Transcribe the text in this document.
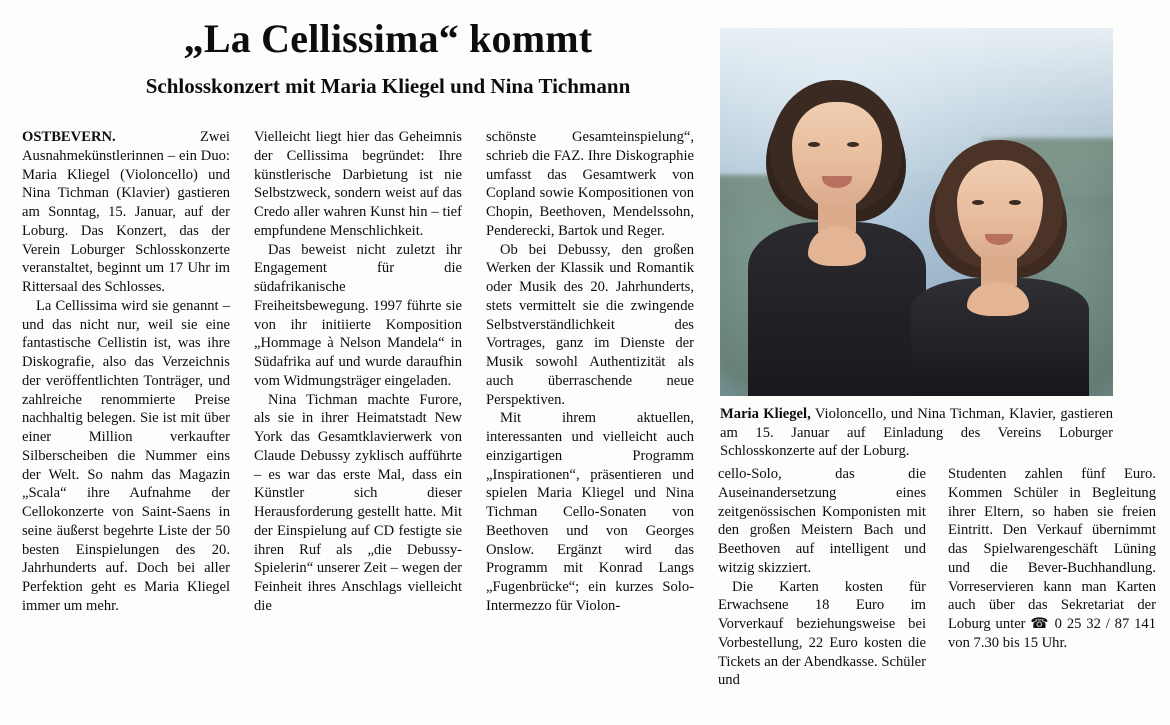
„La Cellissima“ kommt
Schlosskonzert mit Maria Kliegel und Nina Tichmann
Maria Kliegel, Violoncello, und Nina Tichman, Klavier, gastieren am 15. Januar auf Einladung des Vereins Loburger Schlosskonzerte auf der Loburg.

OSTBEVERN.	Zwei Ausnahmekünstlerinnen – ein Duo: Maria Kliegel (Violoncello) und Nina Tichman (Klavier) gastieren am Sonntag, 15. Januar, auf der Loburg. Das Konzert, das der Verein Loburger Schlosskonzerte veranstaltet, beginnt um 17 Uhr im Rittersaal des Schlosses.

La Cellissima wird sie genannt – und das nicht nur, weil sie eine fantastische Cellistin ist, was ihre Diskografie, also das Verzeichnis der veröffentlichten Tonträger, und zahlreiche renommierte Preise nachhaltig belegen. Sie ist mit über einer Million verkaufter Silberscheiben die Nummer eins der Welt. So nahm das Magazin „Scala“ ihre Aufnahme der Cellokonzerte von Saint-Saens in seine äußerst begehrte Liste der 50 besten Einspielungen des 20. Jahrhunderts auf. Doch bei aller Perfektion geht es Maria Kliegel immer um mehr.

Vielleicht liegt hier das Geheimnis der Cellissima begründet: Ihre künstlerische Darbietung ist nie Selbstzweck, sondern weist auf das Credo aller wahren Kunst hin – tief empfundene Menschlichkeit.

Das beweist nicht zuletzt ihr Engagement für die südafrikanische Freiheitsbewegung. 1997 führte sie von ihr initiierte Komposition „Hommage à Nelson Mandela“ in Südafrika auf und wurde daraufhin vom Widmungsträger eingeladen.

Nina Tichman machte Furore, als sie in ihrer Heimatstadt New York das Gesamtklavierwerk von Claude Debussy zyklisch aufführte – es war das erste Mal, dass ein Künstler sich dieser Herausforderung gestellt hatte. Mit der Einspielung auf CD festigte sie ihren Ruf als „die Debussy-Spielerin“ unserer Zeit – wegen der Feinheit ihres Anschlags vielleicht die

schönste Gesamteinspielung“, schrieb die FAZ. Ihre Diskographie umfasst das Gesamtwerk von Copland sowie Kompositionen von Chopin, Beethoven, Mendelssohn, Penderecki, Bartok und Reger.

Ob bei Debussy, den großen Werken der Klassik und Romantik oder Musik des 20. Jahrhunderts, stets vermittelt sie die zwingende Selbstverständlichkeit des Vortrages, ganz im Dienste der Musik sowohl Authentizität als auch überraschende neue Perspektiven.

Mit ihrem aktuellen, interessanten und vielleicht auch einzigartigen Programm „Inspirationen“, präsentieren und spielen Maria Kliegel und Nina Tichman Cello-Sonaten von Beethoven und von Georges Onslow. Ergänzt wird das Programm mit Konrad Langs „Fugenbrücke“; ein kurzes Solo-Intermezzo für Violon-

cello-Solo, das die Auseinandersetzung eines zeitgenössischen Komponisten mit den großen Meistern Bach und Beethoven auf intelligent und witzig skizziert.

Die Karten kosten für Erwachsene 18 Euro im Vorverkauf beziehungsweise bei Vorbestellung, 22 Euro kosten die Tickets an der Abendkasse. Schüler und

Studenten zahlen fünf Euro. Kommen Schüler in Begleitung ihrer Eltern, so haben sie freien Eintritt. Den Verkauf übernimmt das Spielwarengeschäft Lüning und die Bever-Buchhandlung. Vorreservieren kann man Karten auch über das Sekretariat der Loburg unter ☎ 0 25 32 / 87 141 von 7.30 bis 15 Uhr.
